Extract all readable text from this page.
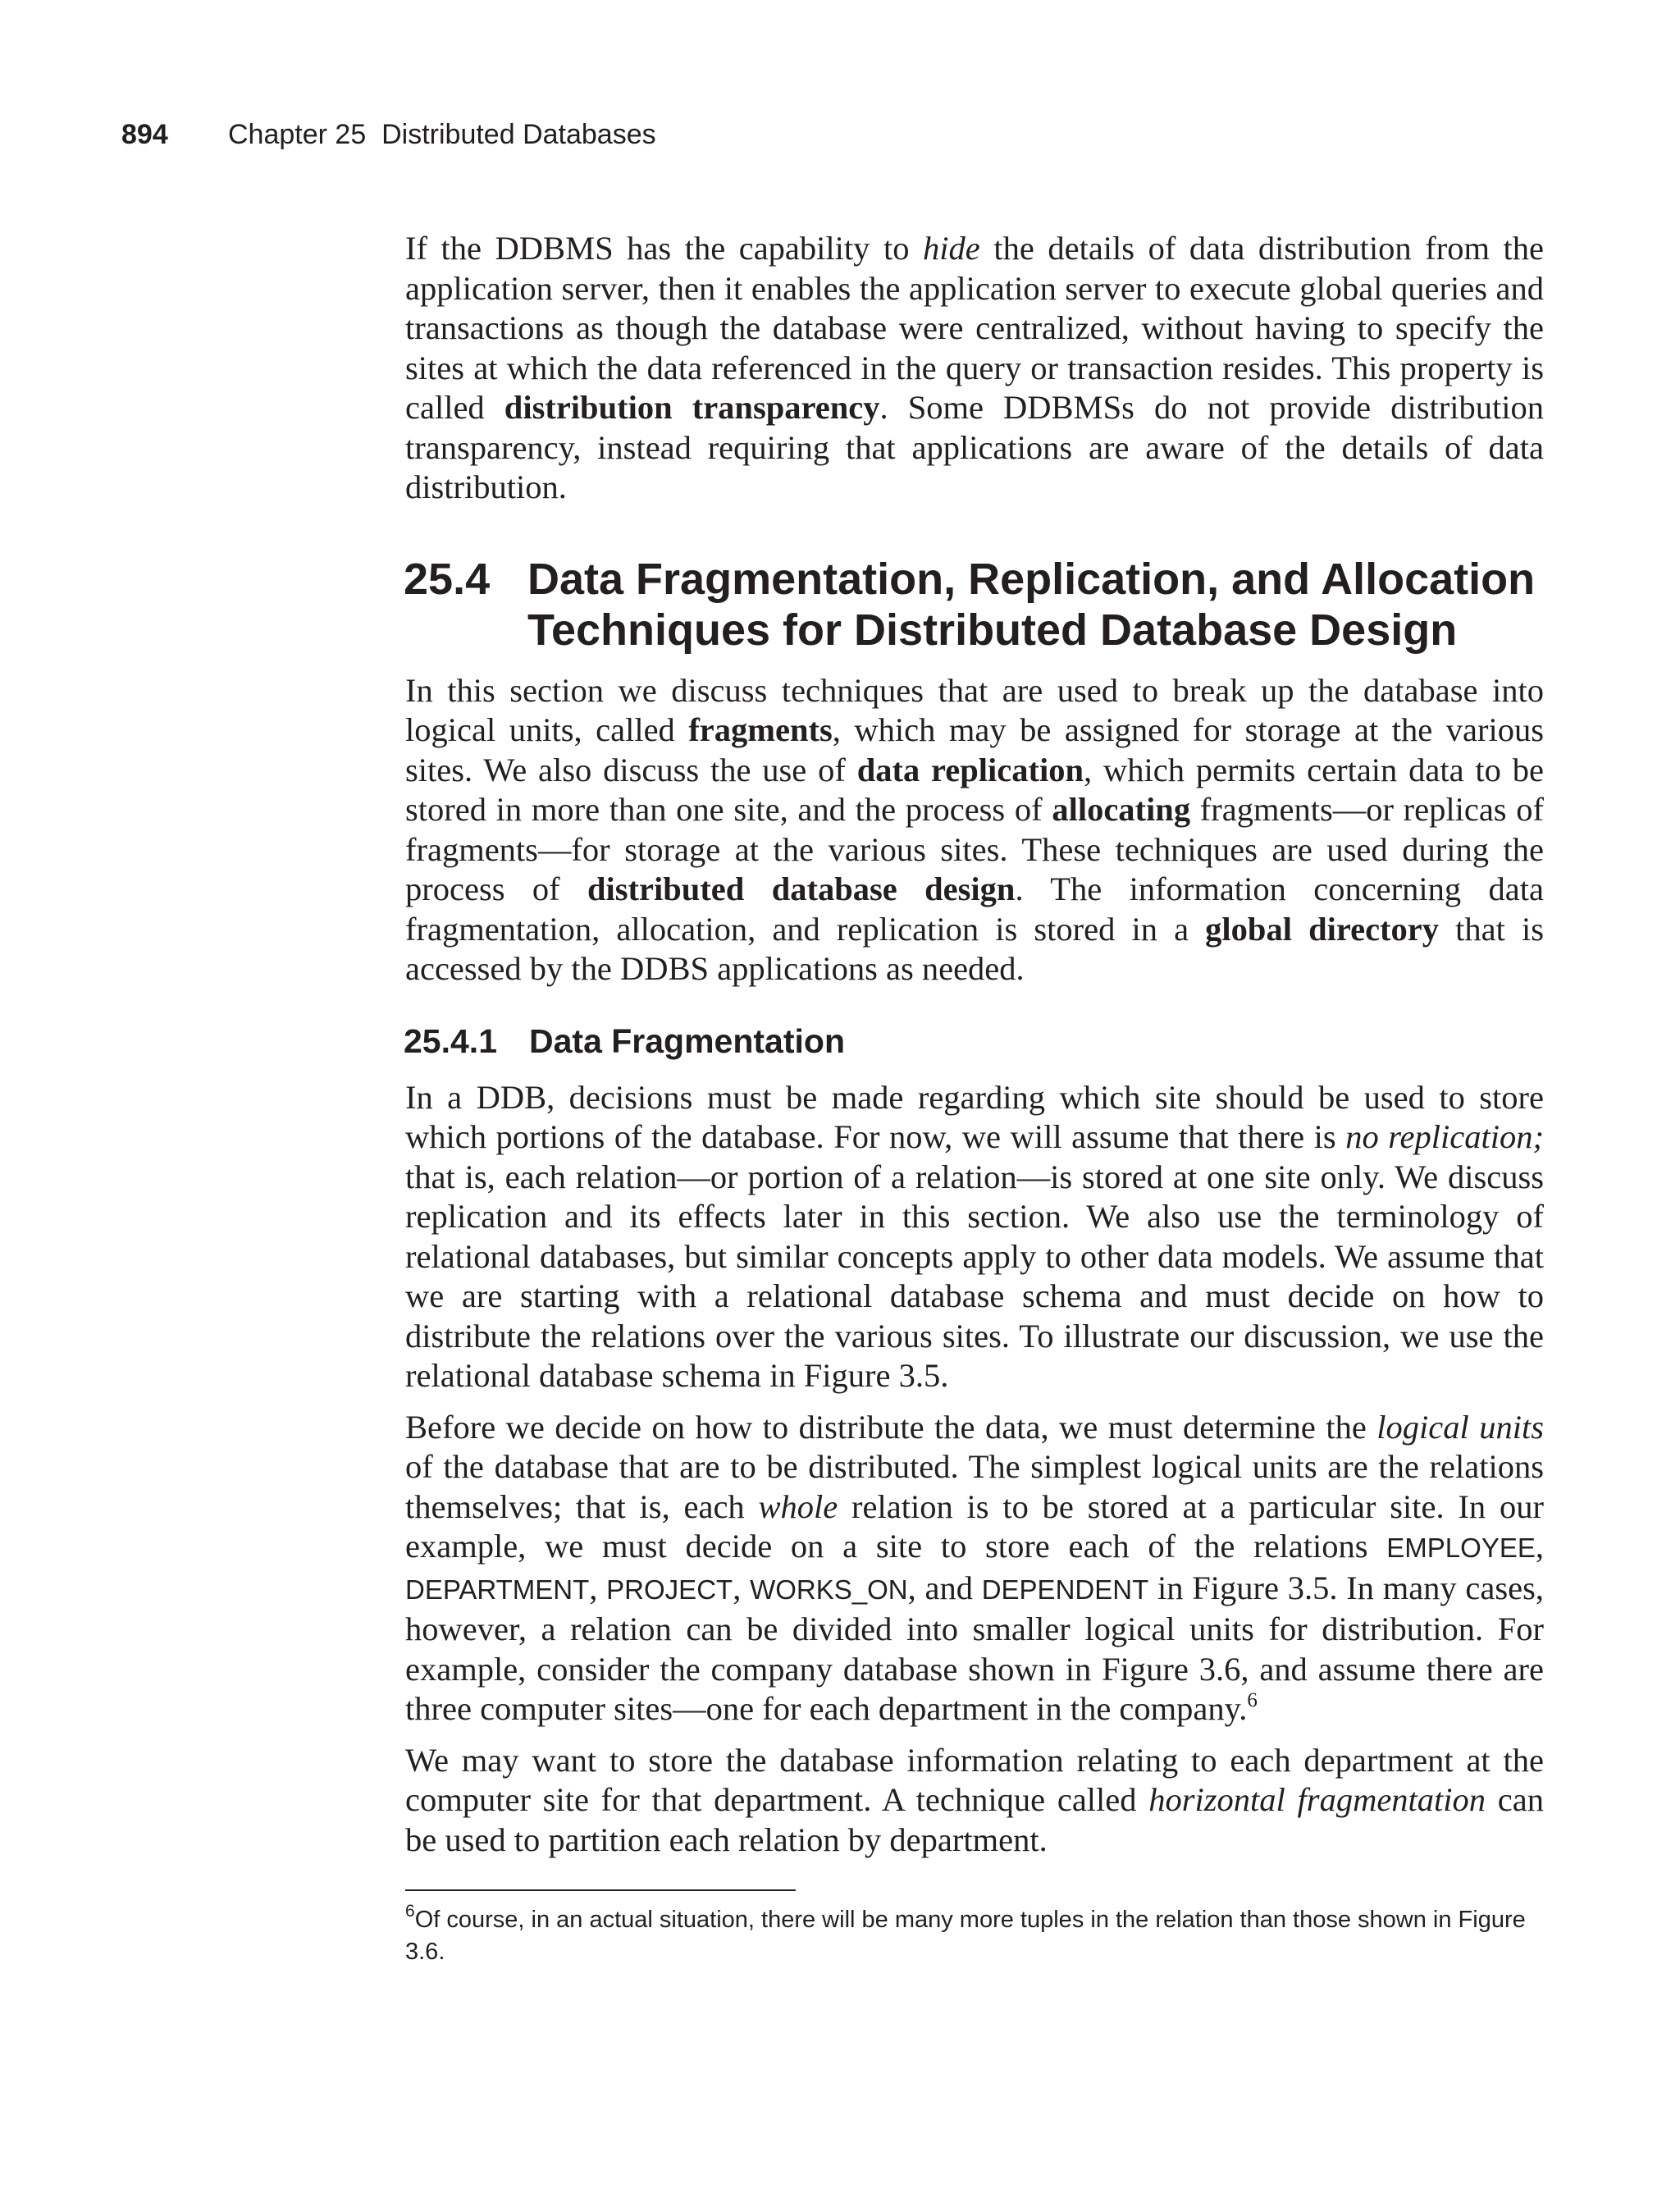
894 Chapter 25  Distributed Databases

If the DDBMS has the capability to hide the details of data distribution from the application server, then it enables the application server to execute global queries and transactions as though the database were centralized, without having to specify the sites at which the data referenced in the query or transaction resides. This property is called distribution transparency. Some DDBMSs do not provide distribution transparency, instead requiring that applications are aware of the details of data distribution.

25.4 Data Fragmentation, Replication, and Allocation Techniques for Distributed Database Design

In this section we discuss techniques that are used to break up the database into logical units, called fragments, which may be assigned for storage at the various sites. We also discuss the use of data replication, which permits certain data to be stored in more than one site, and the process of allocating fragments—or replicas of fragments—for storage at the various sites. These techniques are used during the process of distributed database design. The information concerning data fragmentation, allocation, and replication is stored in a global directory that is accessed by the DDBS applications as needed.

25.4.1 Data Fragmentation

In a DDB, decisions must be made regarding which site should be used to store which portions of the database. For now, we will assume that there is no replication; that is, each relation—or portion of a relation—is stored at one site only. We discuss replication and its effects later in this section. We also use the terminology of relational databases, but similar concepts apply to other data models. We assume that we are starting with a relational database schema and must decide on how to distribute the relations over the various sites. To illustrate our discussion, we use the relational database schema in Figure 3.5.

Before we decide on how to distribute the data, we must determine the logical units of the database that are to be distributed. The simplest logical units are the relations themselves; that is, each whole relation is to be stored at a particular site. In our example, we must decide on a site to store each of the relations EMPLOYEE, DEPARTMENT, PROJECT, WORKS_ON, and DEPENDENT in Figure 3.5. In many cases, however, a relation can be divided into smaller logical units for distribution. For example, consider the company database shown in Figure 3.6, and assume there are three computer sites—one for each department in the company.$^6$

We may want to store the database information relating to each department at the computer site for that department. A technique called horizontal fragmentation can be used to partition each relation by department.

$^6$Of course, in an actual situation, there will be many more tuples in the relation than those shown in Figure 3.6.
